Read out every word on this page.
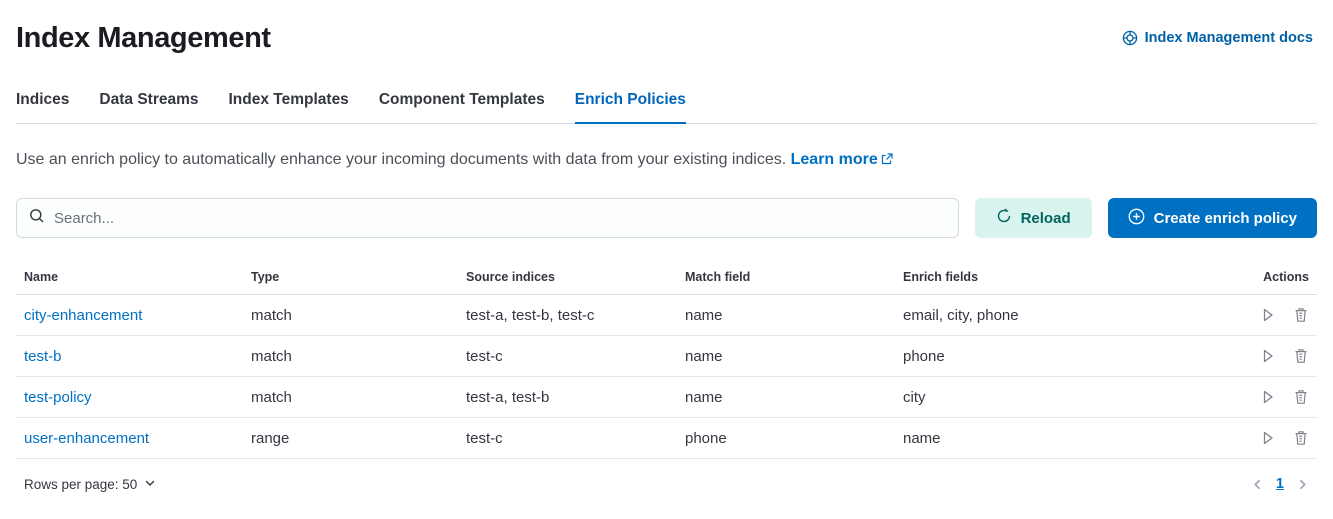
Index Management	Index Management docs
Indices Data Streams Index Templates Component Templates Enrich Policies
Use an enrich policy to automatically enhance your incoming documents with data from your existing indices. Learn more
Search...
Reload	Create enrich policy
Name	Type	Source indices	Match field	Enrich fields	Actions
city-enhancement	match	test-a, test-b, test-c	name	email, city, phone
test-b	match	test-c	name	phone
test-policy	match	test-a, test-b	name	city
user-enhancement	range	test-c	phone	name
Rows per page: 50	1
